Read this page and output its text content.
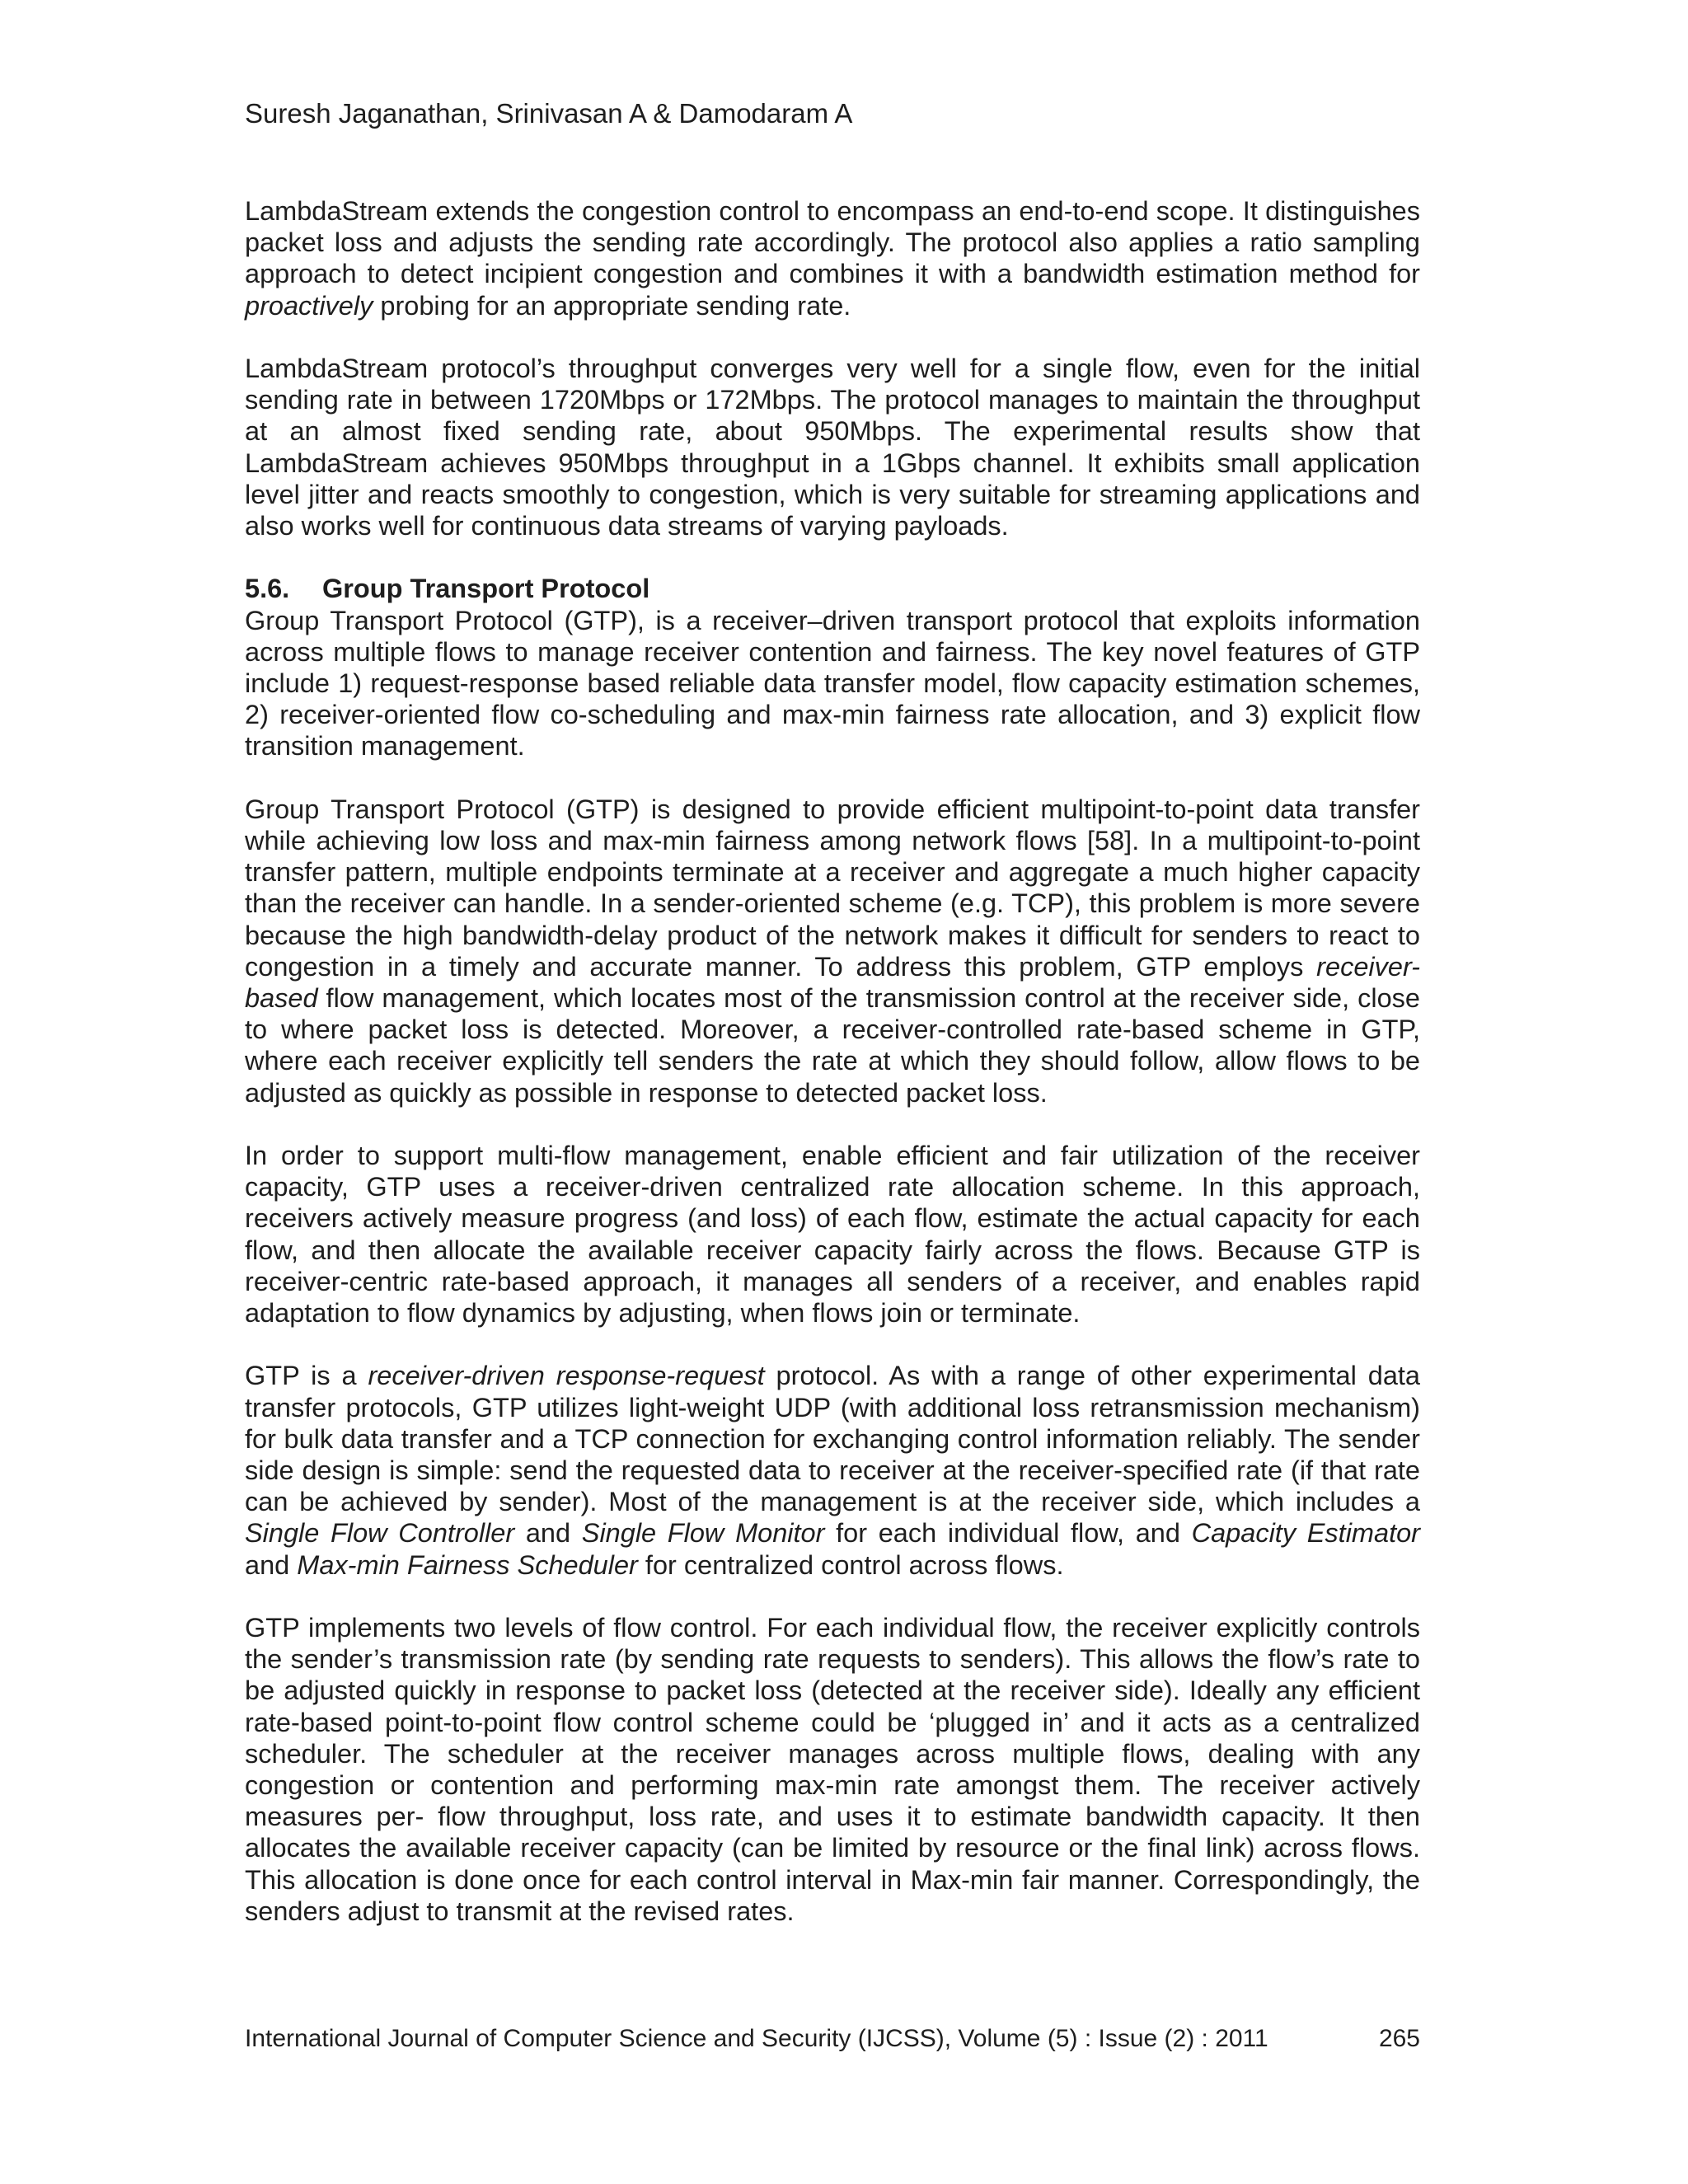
Suresh Jaganathan, Srinivasan A & Damodaram A

LambdaStream extends the congestion control to encompass an end-to-end scope. It distinguishes packet loss and adjusts the sending rate accordingly. The protocol also applies a ratio sampling approach to detect incipient congestion and combines it with a bandwidth estimation method for proactively probing for an appropriate sending rate.

LambdaStream protocol’s throughput converges very well for a single flow, even for the initial sending rate in between 1720Mbps or 172Mbps. The protocol manages to maintain the throughput at an almost fixed sending rate, about 950Mbps. The experimental results show that LambdaStream achieves 950Mbps throughput in a 1Gbps channel. It exhibits small application level jitter and reacts smoothly to congestion, which is very suitable for streaming applications and also works well for continuous data streams of varying payloads.

5.6. Group Transport Protocol

Group Transport Protocol (GTP), is a receiver–driven transport protocol that exploits information across multiple flows to manage receiver contention and fairness. The key novel features of GTP include 1) request-response based reliable data transfer model, flow capacity estimation schemes, 2) receiver-oriented flow co-scheduling and max-min fairness rate allocation, and 3) explicit flow transition management.

Group Transport Protocol (GTP) is designed to provide efficient multipoint-to-point data transfer while achieving low loss and max-min fairness among network flows [58]. In a multipoint-to-point transfer pattern, multiple endpoints terminate at a receiver and aggregate a much higher capacity than the receiver can handle. In a sender-oriented scheme (e.g. TCP), this problem is more severe because the high bandwidth-delay product of the network makes it difficult for senders to react to congestion in a timely and accurate manner. To address this problem, GTP employs receiver-based flow management, which locates most of the transmission control at the receiver side, close to where packet loss is detected. Moreover, a receiver-controlled rate-based scheme in GTP, where each receiver explicitly tell senders the rate at which they should follow, allow flows to be adjusted as quickly as possible in response to detected packet loss.

In order to support multi-flow management, enable efficient and fair utilization of the receiver capacity, GTP uses a receiver-driven centralized rate allocation scheme. In this approach, receivers actively measure progress (and loss) of each flow, estimate the actual capacity for each flow, and then allocate the available receiver capacity fairly across the flows. Because GTP is receiver-centric rate-based approach, it manages all senders of a receiver, and enables rapid adaptation to flow dynamics by adjusting, when flows join or terminate.

GTP is a receiver-driven response-request protocol. As with a range of other experimental data transfer protocols, GTP utilizes light-weight UDP (with additional loss retransmission mechanism) for bulk data transfer and a TCP connection for exchanging control information reliably. The sender side design is simple: send the requested data to receiver at the receiver-specified rate (if that rate can be achieved by sender). Most of the management is at the receiver side, which includes a Single Flow Controller and Single Flow Monitor for each individual flow, and Capacity Estimator and Max-min Fairness Scheduler for centralized control across flows.

GTP implements two levels of flow control. For each individual flow, the receiver explicitly controls the sender’s transmission rate (by sending rate requests to senders). This allows the flow’s rate to be adjusted quickly in response to packet loss (detected at the receiver side). Ideally any efficient rate-based point-to-point flow control scheme could be ‘plugged in’ and it acts as a centralized scheduler. The scheduler at the receiver manages across multiple flows, dealing with any congestion or contention and performing max-min rate amongst them. The receiver actively measures per- flow throughput, loss rate, and uses it to estimate bandwidth capacity. It then allocates the available receiver capacity (can be limited by resource or the final link) across flows. This allocation is done once for each control interval in Max-min fair manner. Correspondingly, the senders adjust to transmit at the revised rates.

International Journal of Computer Science and Security (IJCSS), Volume (5) : Issue (2) : 2011	265
